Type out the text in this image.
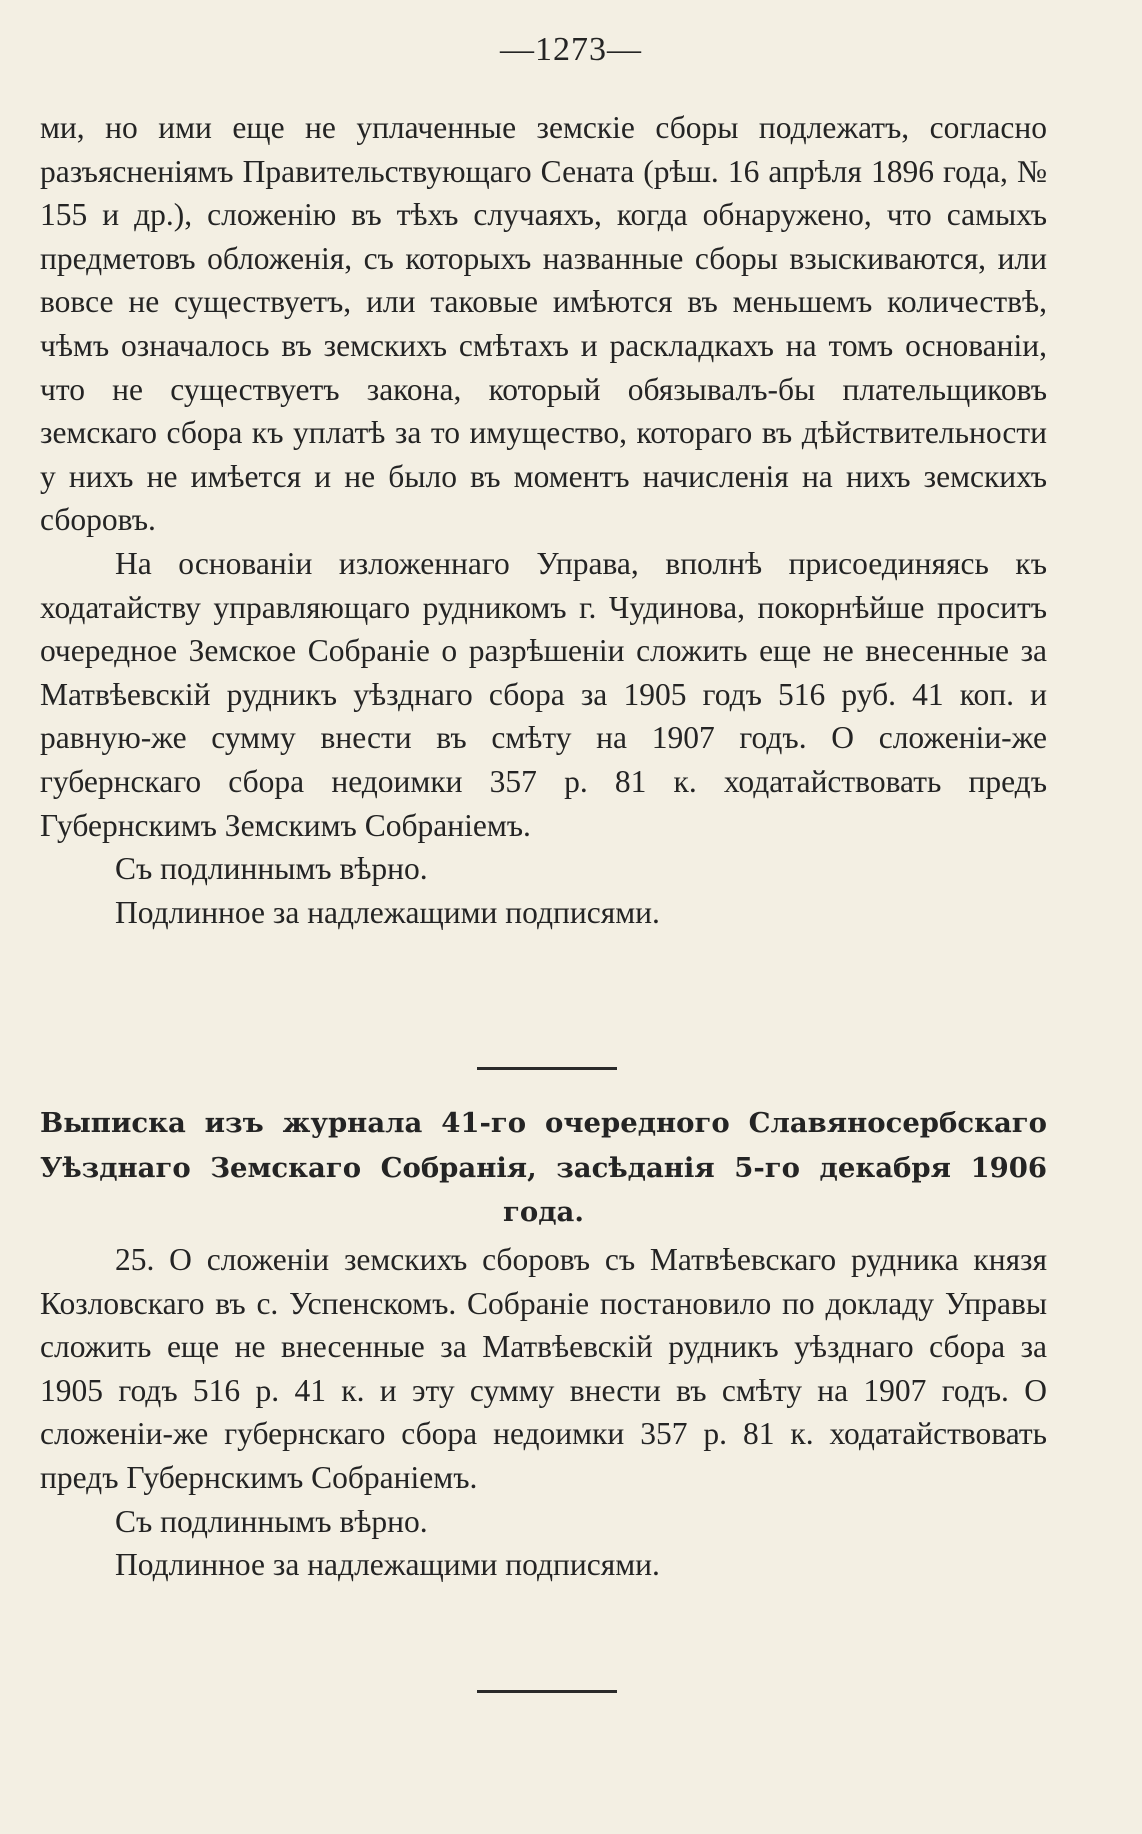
—1273—

ми, но ими еще не уплаченные земскіе сборы подлежатъ, согласно разъясненіямъ Правительствующаго Сената (рѣш. 16 апрѣля 1896 года, № 155 и др.), сложенію въ тѣхъ случаяхъ, когда обнаружено, что самыхъ предметовъ обложенія, съ которыхъ названные сборы взыскиваются, или вовсе не существуетъ, или таковые имѣются въ меньшемъ количествѣ, чѣмъ означалось въ земскихъ смѣтахъ и раскладкахъ на томъ основаніи, что не существуетъ закона, который обязывалъ-бы плательщиковъ земскаго сбора къ уплатѣ за то имущество, котораго въ дѣйствительности у нихъ не имѣется и не было въ моментъ начисленія на нихъ земскихъ сборовъ.

На основаніи изложеннаго Управа, вполнѣ присоединяясь къ ходатайству управляющаго рудникомъ г. Чудинова, покорнѣйше проситъ очередное Земское Собраніе о разрѣшеніи сложить еще не внесенные за Матвѣевскій рудникъ уѣзднаго сбора за 1905 годъ 516 руб. 41 коп. и равную-же сумму внести въ смѣту на 1907 годъ. О сложеніи-же губернскаго сбора недоимки 357 р. 81 к. ходатайствовать предъ Губернскимъ Земскимъ Собраніемъ.

Съ подлиннымъ вѣрно.

Подлинное за надлежащими подписями.

Выписка изъ журнала 41-го очередного Славяносербскаго Уѣзднаго Земскаго Собранія, засѣданія 5-го декабря 1906 года.

25. О сложеніи земскихъ сборовъ съ Матвѣевскаго рудника князя Козловскаго въ с. Успенскомъ. Собраніе постановило по докладу Управы сложить еще не внесенные за Матвѣевскій рудникъ уѣзднаго сбора за 1905 годъ 516 р. 41 к. и эту сумму внести въ смѣту на 1907 годъ. О сложеніи-же губернскаго сбора недоимки 357 р. 81 к. ходатайствовать предъ Губернскимъ Собраніемъ.

Съ подлиннымъ вѣрно.

Подлинное за надлежащими подписями.
